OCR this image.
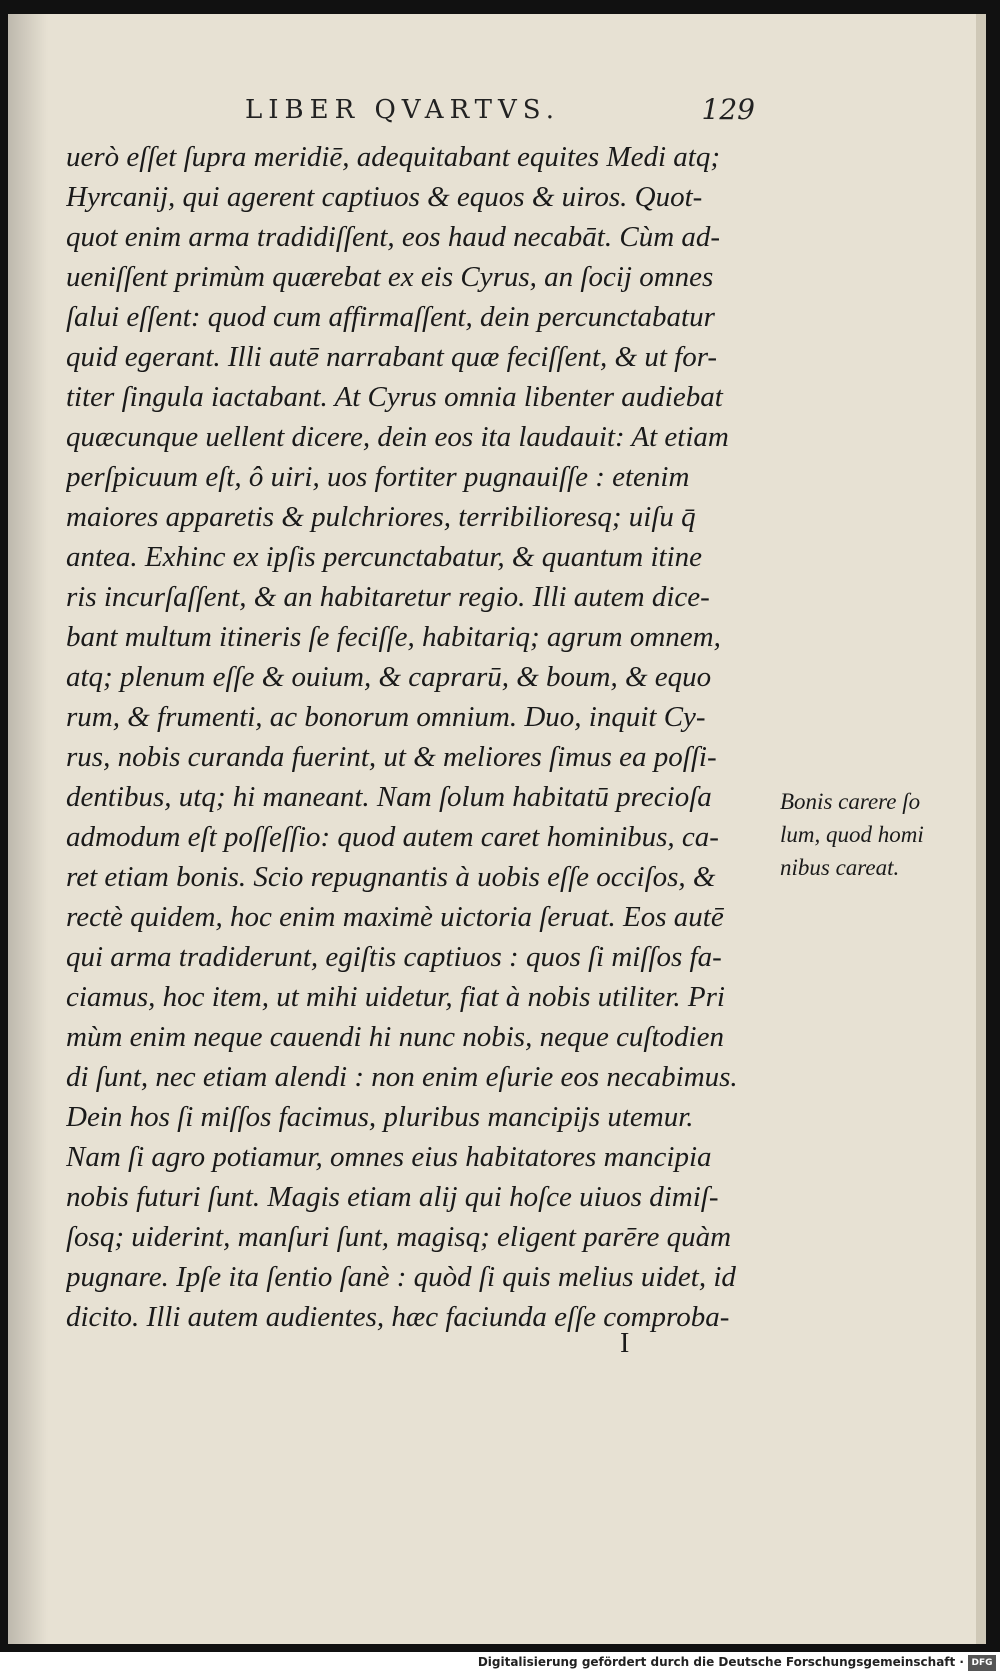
LIBER QVARTVS.	129
uerò eſſet ſupra meridiē, adequitabant equites Medi atq;
Hyrcanij, qui agerent captiuos & equos & uiros. Quot-
quot enim arma tradidiſſent, eos haud necabāt. Cùm ad-
ueniſſent primùm quærebat ex eis Cyrus, an ſocij omnes
ſalui eſſent: quod cum affirmaſſent, dein percunctabatur
quid egerant. Illi autē narrabant quæ feciſſent, & ut for-
titer ſingula iactabant. At Cyrus omnia libenter audiebat
quæcunque uellent dicere, dein eos ita laudauit: At etiam
perſpicuum eſt, ô uiri, uos fortiter pugnauiſſe : etenim
maiores apparetis & pulchriores, terribilioresq; uiſu q̄
antea. Exhinc ex ipſis percunctabatur, & quantum itine
ris incurſaſſent, & an habitaretur regio. Illi autem dice-
bant multum itineris ſe feciſſe, habitariq; agrum omnem,
atq; plenum eſſe & ouium, & caprarū, & boum, & equo
rum, & frumenti, ac bonorum omnium. Duo, inquit Cy-
rus, nobis curanda fuerint, ut & meliores ſimus ea poſſi-
dentibus, utq; hi maneant. Nam ſolum habitatū precioſa
admodum eſt poſſeſſio: quod autem caret hominibus, ca-
ret etiam bonis. Scio repugnantis à uobis eſſe occiſos, &
rectè quidem, hoc enim maximè uictoria ſeruat. Eos autē
qui arma tradiderunt, egiſtis captiuos : quos ſi miſſos fa-
ciamus, hoc item, ut mihi uidetur, fiat à nobis utiliter. Pri
mùm enim neque cauendi hi nunc nobis, neque cuſtodien
di ſunt, nec etiam alendi : non enim eſurie eos necabimus.
Dein hos ſi miſſos facimus, pluribus mancipijs utemur.
Nam ſi agro potiamur, omnes eius habitatores mancipia
nobis futuri ſunt. Magis etiam alij qui hoſce uiuos dimiſ-
ſosq; uiderint, manſuri ſunt, magisq; eligent parēre quàm
pugnare. Ipſe ita ſentio ſanè : quòd ſi quis melius uidet, id
dicito. Illi autem audientes, hæc faciunda eſſe comproba-
Bonis carere ſo
lum, quod homi
nibus careat.
I
Digitalisierung gefördert durch die Deutsche Forschungsgemeinschaft · DFG
